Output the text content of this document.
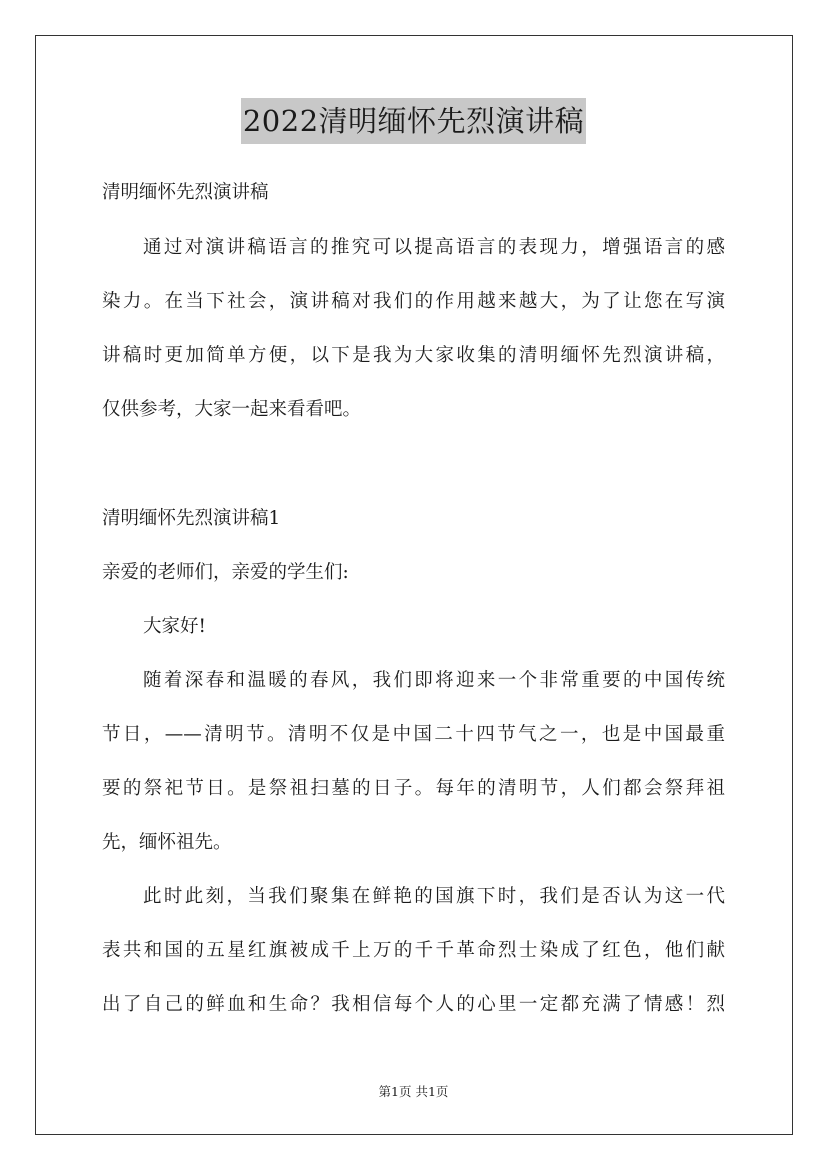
2022清明缅怀先烈演讲稿
清明缅怀先烈演讲稿
通过对演讲稿语言的推究可以提高语言的表现力，增强语言的感
染力。在当下社会，演讲稿对我们的作用越来越大，为了让您在写演
讲稿时更加简单方便，以下是我为大家收集的清明缅怀先烈演讲稿，
仅供参考，大家一起来看看吧。
清明缅怀先烈演讲稿1
亲爱的老师们，亲爱的学生们:
大家好!
随着深春和温暖的春风，我们即将迎来一个非常重要的中国传统
节日，——清明节。清明不仅是中国二十四节气之一，也是中国最重
要的祭祀节日。是祭祖扫墓的日子。每年的清明节，人们都会祭拜祖
先，缅怀祖先。
此时此刻，当我们聚集在鲜艳的国旗下时，我们是否认为这一代
表共和国的五星红旗被成千上万的千千革命烈士染成了红色，他们献
出了自己的鲜血和生命？我相信每个人的心里一定都充满了情感！烈
第1页 共1页
